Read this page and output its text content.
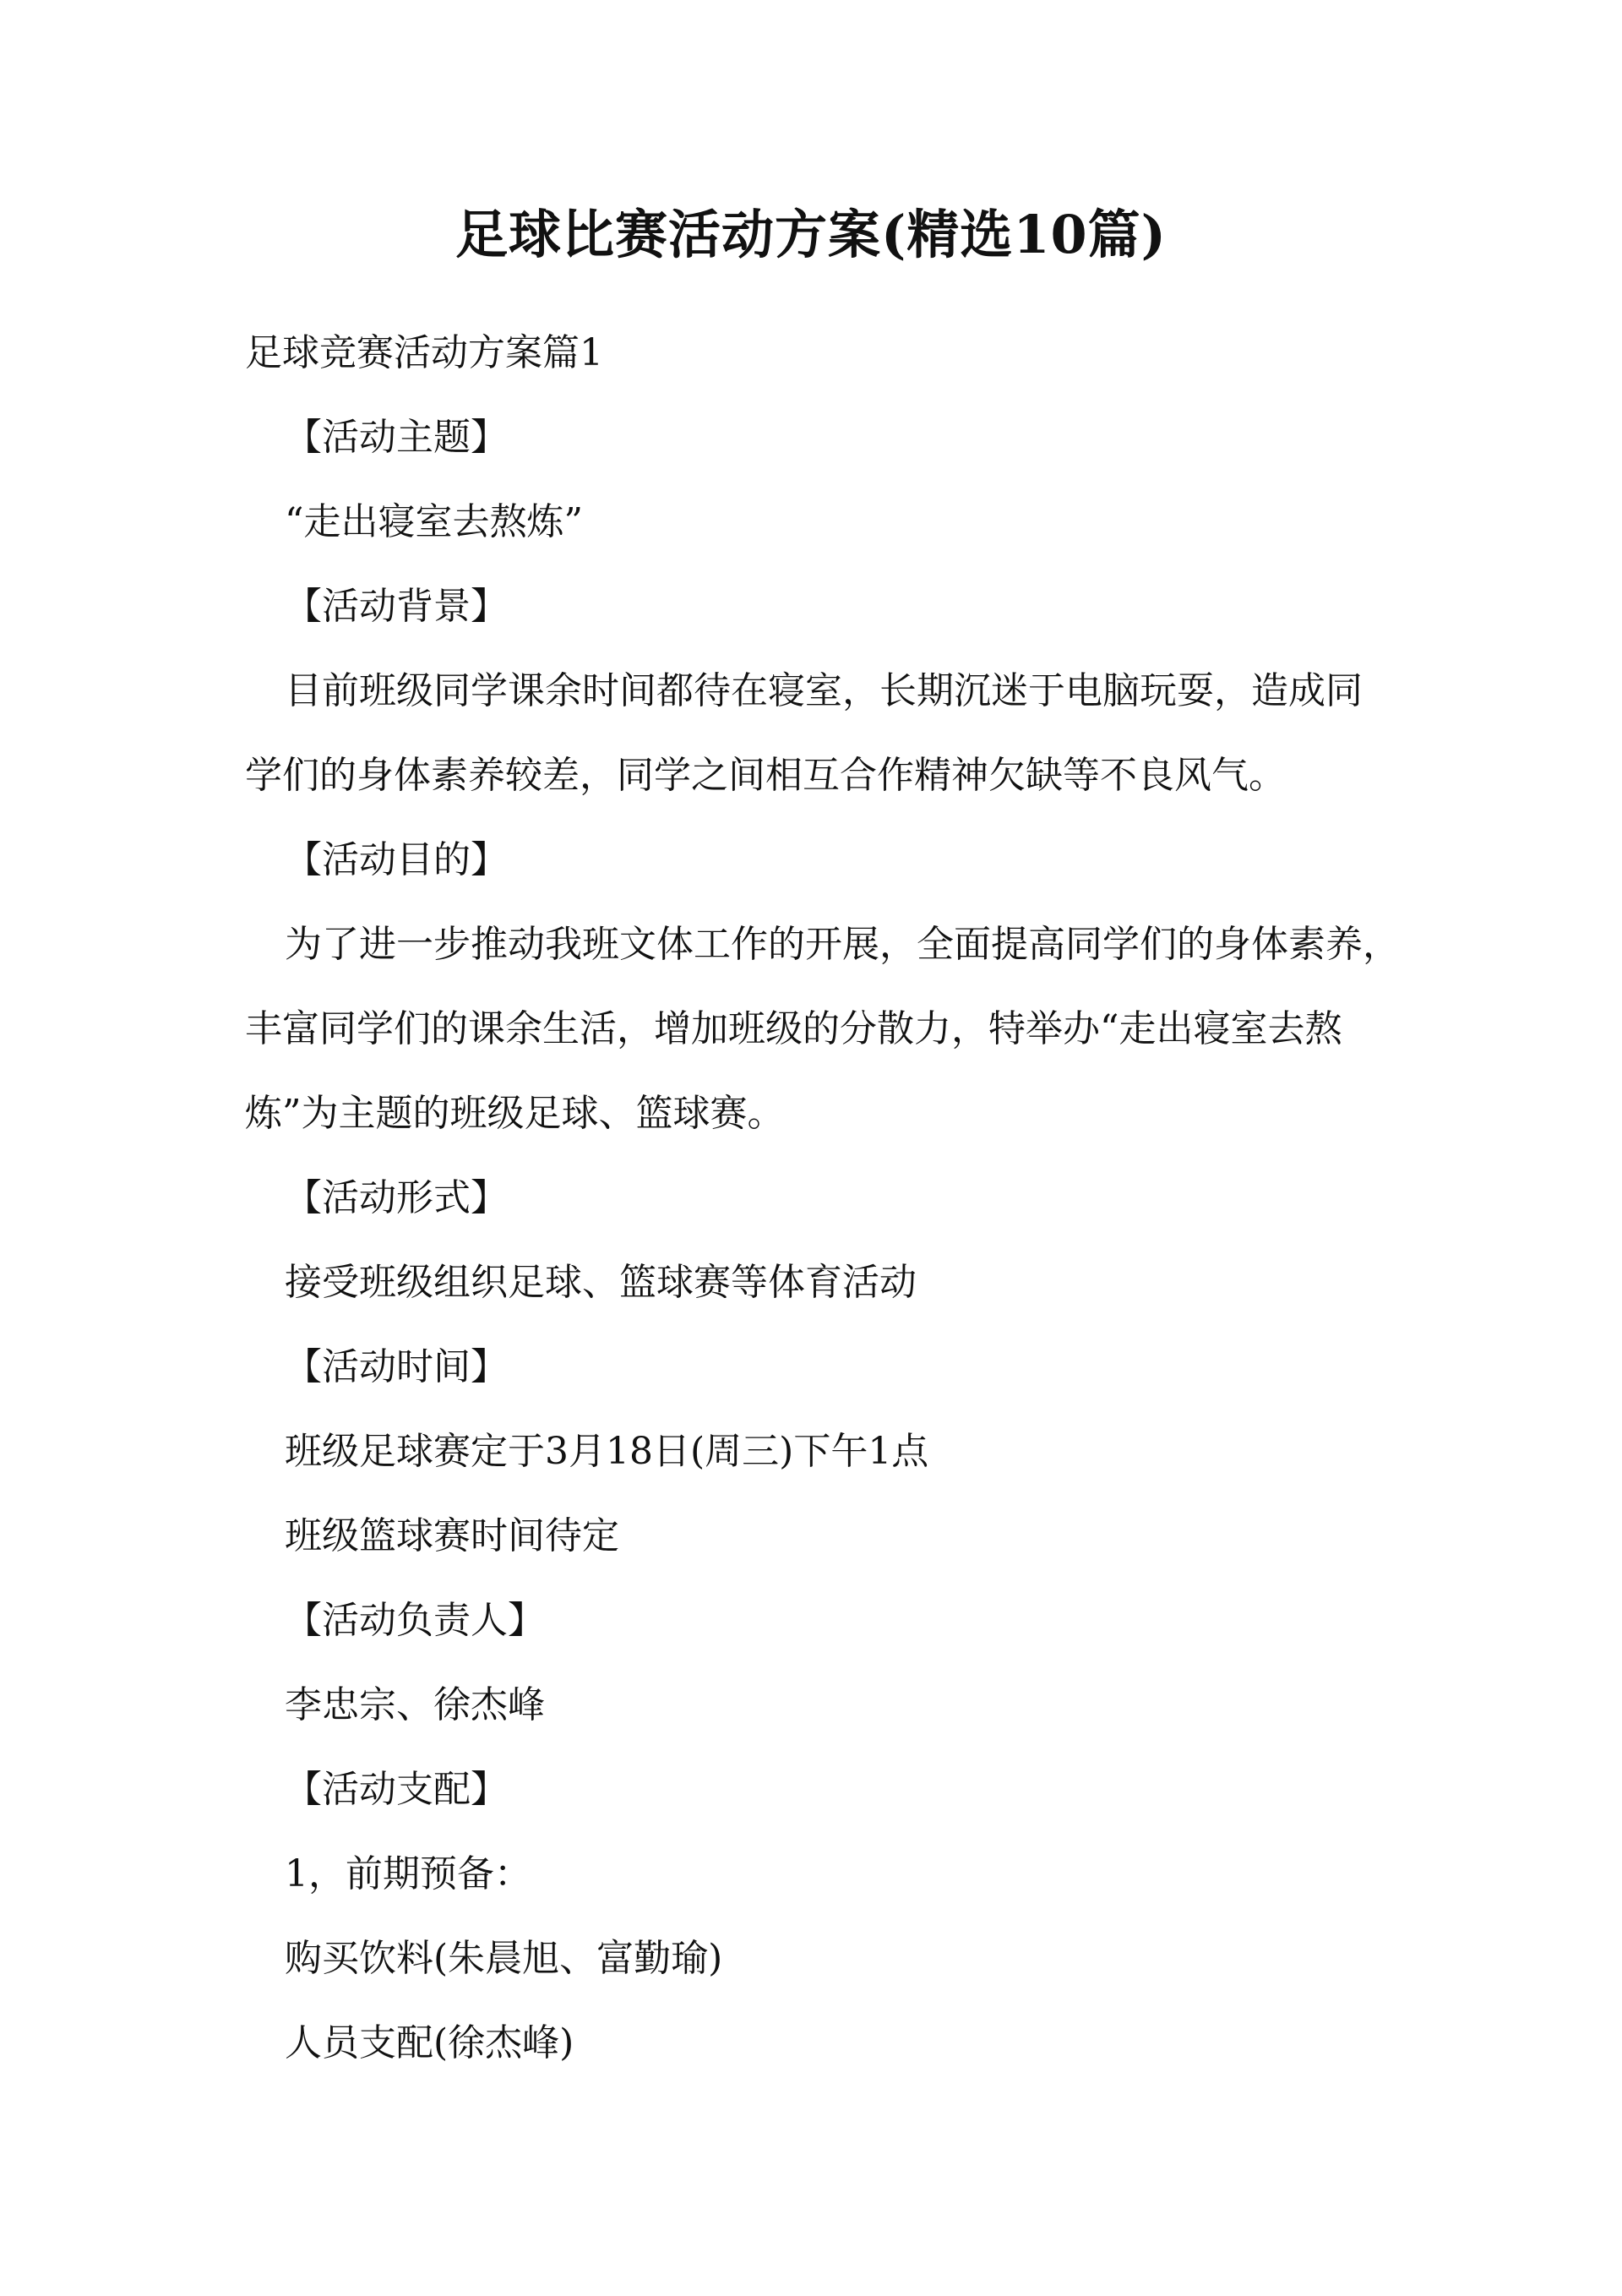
足球比赛活动方案(精选10篇)
足球竞赛活动方案篇1
【活动主题】
“走出寝室去熬炼”
【活动背景】
目前班级同学课余时间都待在寝室，长期沉迷于电脑玩耍，造成同
学们的身体素养较差，同学之间相互合作精神欠缺等不良风气。
【活动目的】
为了进一步推动我班文体工作的开展，全面提高同学们的身体素养，
丰富同学们的课余生活，增加班级的分散力，特举办“走出寝室去熬
炼”为主题的班级足球、篮球赛。
【活动形式】
接受班级组织足球、篮球赛等体育活动
【活动时间】
班级足球赛定于3月18日(周三)下午1点
班级篮球赛时间待定
【活动负责人】
李忠宗、徐杰峰
【活动支配】
1，前期预备：
购买饮料(朱晨旭、富勤瑜)
人员支配(徐杰峰)
